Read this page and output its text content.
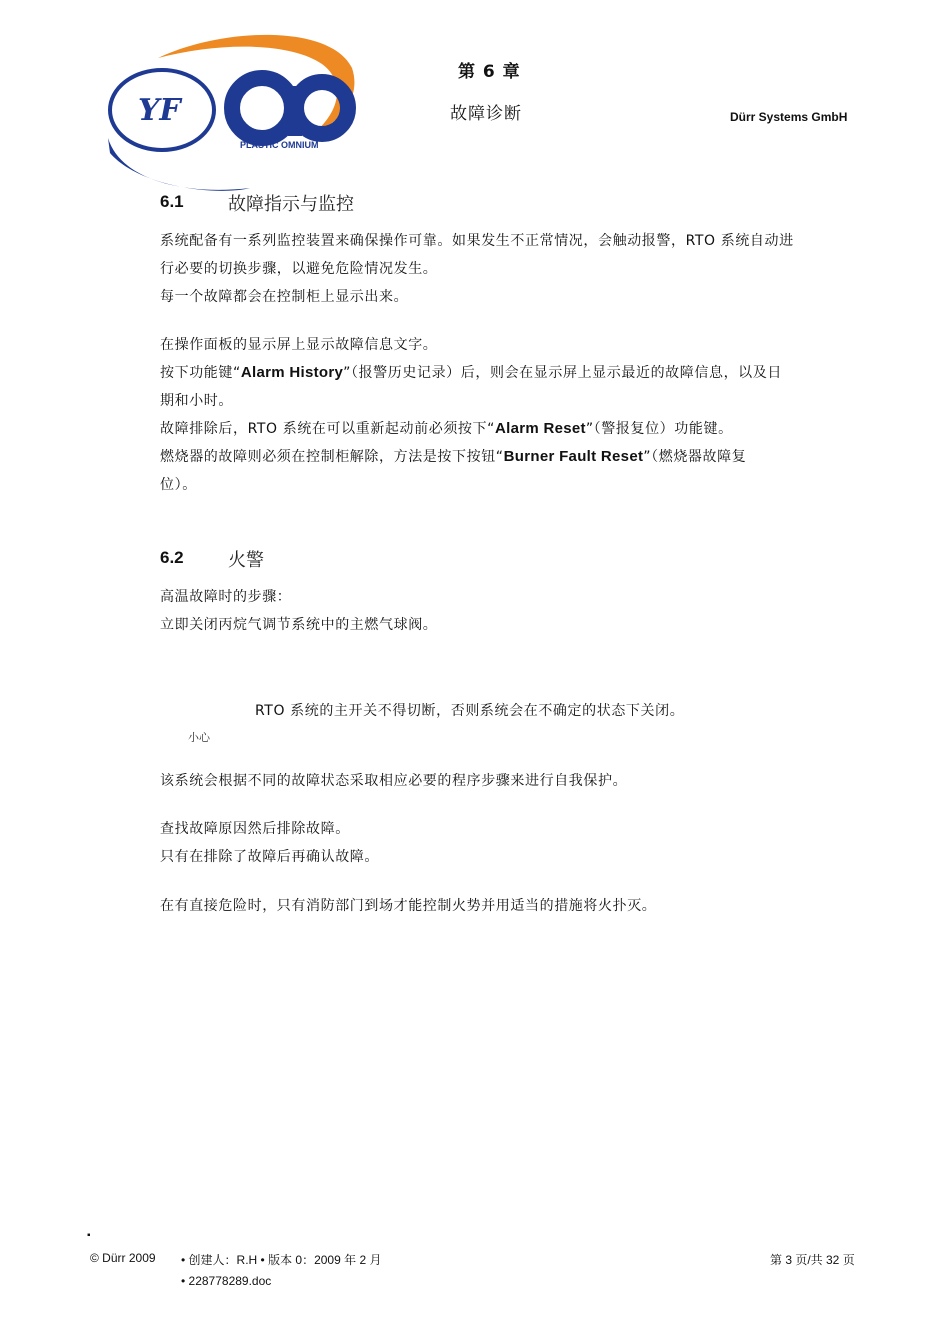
YF
PLASTIC OMNIUM
第 6 章
故障诊断	Dürr Systems GmbH
6.1 故障指示与监控
系统配备有一系列监控装置来确保操作可靠。如果发生不正常情况，会触动报警，RTO 系统自动进
行必要的切换步骤，以避免危险情况发生。
每一个故障都会在控制柜上显示出来。
在操作面板的显示屏上显示故障信息文字。
按下功能键“Alarm History”（报警历史记录）后，则会在显示屏上显示最近的故障信息，以及日
期和小时。
故障排除后，RTO 系统在可以重新起动前必须按下“Alarm Reset”（警报复位）功能键。
燃烧器的故障则必须在控制柜解除，方法是按下按钮“Burner Fault Reset”（燃烧器故障复
位）。
6.2 火警
高温故障时的步骤：
立即关闭丙烷气调节系统中的主燃气球阀。
RTO 系统的主开关不得切断，否则系统会在不确定的状态下关闭。
小心
该系统会根据不同的故障状态采取相应必要的程序步骤来进行自我保护。
查找故障原因然后排除故障。
只有在排除了故障后再确认故障。
在有直接危险时，只有消防部门到场才能控制火势并用适当的措施将火扑灭。
▪
© Dürr 2009 • 创建人：R.H • 版本 0：2009 年 2 月
• 228778289.doc
第 3 页/共 32 页
